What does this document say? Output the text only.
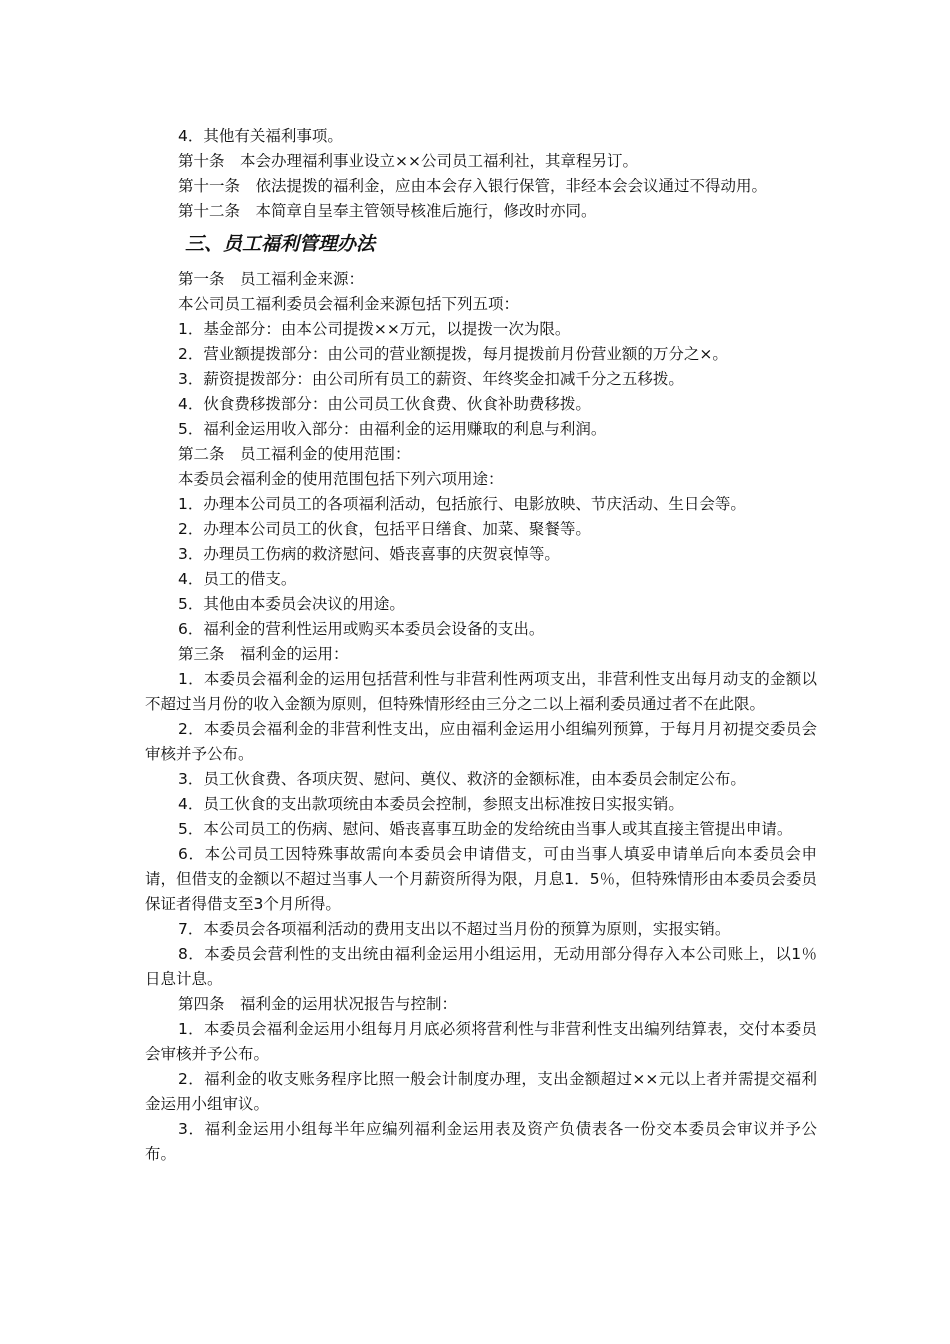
4．其他有关福利事项。
第十条　本会办理福利事业设立××公司员工福利社，其章程另订。
第十一条　依法提拨的福利金，应由本会存入银行保管，非经本会会议通过不得动用。
第十二条　本简章自呈奉主管领导核准后施行，修改时亦同。
三、员工福利管理办法
第一条　员工福利金来源：
本公司员工福利委员会福利金来源包括下列五项：
1．基金部分：由本公司提拨××万元，以提拨一次为限。
2．营业额提拨部分：由公司的营业额提拨，每月提拨前月份营业额的万分之×。
3．薪资提拨部分：由公司所有员工的薪资、年终奖金扣减千分之五移拨。
4．伙食费移拨部分：由公司员工伙食费、伙食补助费移拨。
5．福利金运用收入部分：由福利金的运用赚取的利息与利润。
第二条　员工福利金的使用范围：
本委员会福利金的使用范围包括下列六项用途：
1．办理本公司员工的各项福利活动，包括旅行、电影放映、节庆活动、生日会等。
2．办理本公司员工的伙食，包括平日缮食、加菜、聚餐等。
3．办理员工伤病的救济慰问、婚丧喜事的庆贺哀悼等。
4．员工的借支。
5．其他由本委员会决议的用途。
6．福利金的营利性运用或购买本委员会设备的支出。
第三条　福利金的运用：

1．本委员会福利金的运用包括营利性与非营利性两项支出，非营利性支出每月动支的金额以不超过当月份的收入金额为原则，但特殊情形经由三分之二以上福利委员通过者不在此限。

2．本委员会福利金的非营利性支出，应由福利金运用小组编列预算，于每月月初提交委员会审核并予公布。

3．员工伙食费、各项庆贺、慰问、奠仪、救济的金额标准，由本委员会制定公布。

4．员工伙食的支出款项统由本委员会控制，参照支出标准按日实报实销。

5．本公司员工的伤病、慰问、婚丧喜事互助金的发给统由当事人或其直接主管提出申请。

6．本公司员工因特殊事故需向本委员会申请借支，可由当事人填妥申请单后向本委员会申请，但借支的金额以不超过当事人一个月薪资所得为限，月息1．5％，但特殊情形由本委员会委员保证者得借支至3个月所得。

7．本委员会各项福利活动的费用支出以不超过当月份的预算为原则，实报实销。

8．本委员会营利性的支出统由福利金运用小组运用，无动用部分得存入本公司账上，以1％日息计息。

第四条　福利金的运用状况报告与控制：

1．本委员会福利金运用小组每月月底必须将营利性与非营利性支出编列结算表，交付本委员会审核并予公布。

2．福利金的收支账务程序比照一般会计制度办理，支出金额超过××元以上者并需提交福利金运用小组审议。

3．福利金运用小组每半年应编列福利金运用表及资产负债表各一份交本委员会审议并予公布。
